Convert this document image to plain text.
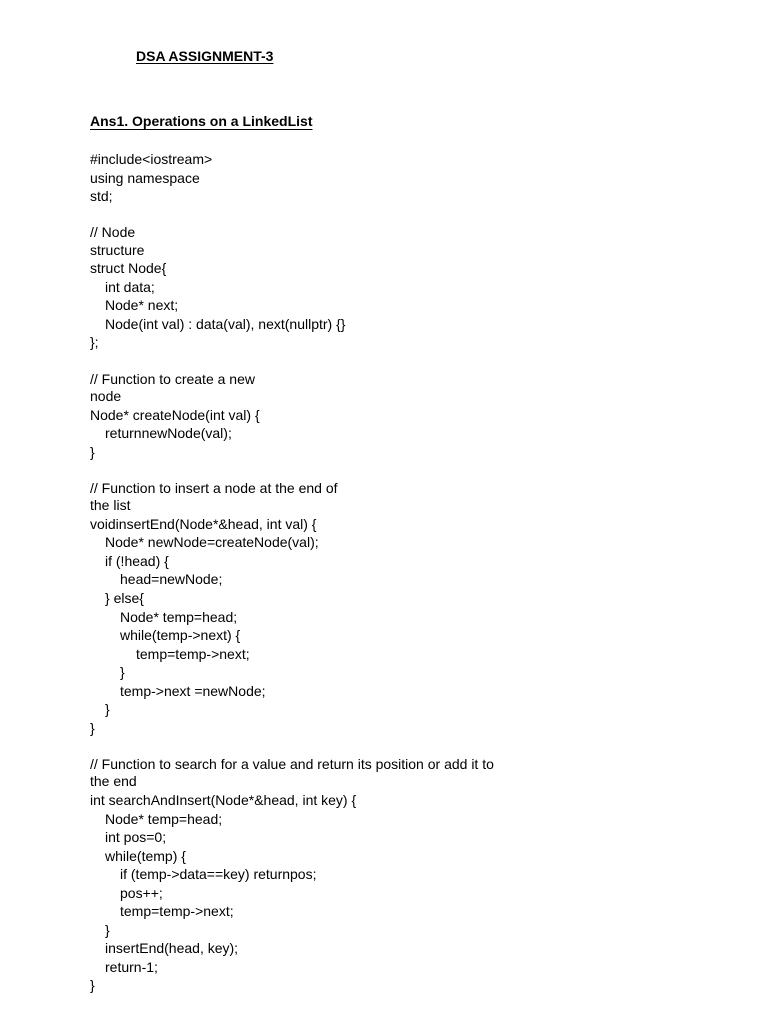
DSA ASSIGNMENT-3
Ans1. Operations on a LinkedList
#include<iostream>
using namespace
std;
// Node
structure
struct Node{
int data;
Node* next;
Node(int val) : data(val), next(nullptr) {}
};
// Function to create a new
node
Node* createNode(int val) {
returnnewNode(val);
}
// Function to insert a node at the end of
the list
voidinsertEnd(Node*&head, int val) {
Node* newNode=createNode(val);
if (!head) {
head=newNode;
} else{
Node* temp=head;
while(temp->next) {
temp=temp->next;
}
temp->next =newNode;
}
}
// Function to search for a value and return its position or add it to
the end
int searchAndInsert(Node*&head, int key) {
Node* temp=head;
int pos=0;
while(temp) {
if (temp->data==key) returnpos;
pos++;
temp=temp->next;
}
insertEnd(head, key);
return-1;
}
